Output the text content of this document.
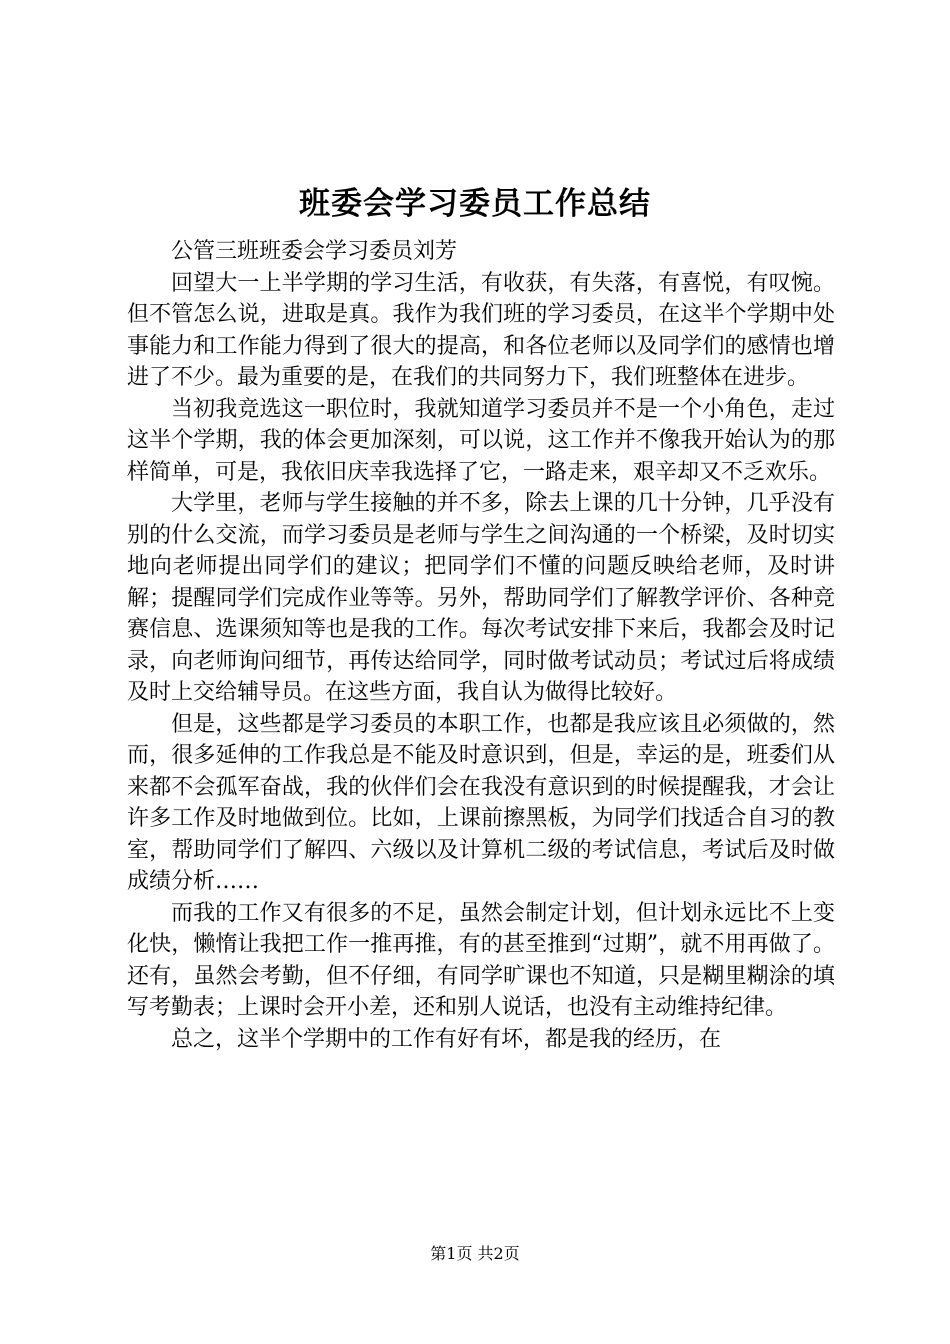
班委会学习委员工作总结

公管三班班委会学习委员刘芳

回望大一上半学期的学习生活，有收获，有失落，有喜悦，有叹惋。但不管怎么说，进取是真。我作为我们班的学习委员，在这半个学期中处事能力和工作能力得到了很大的提高，和各位老师以及同学们的感情也增进了不少。最为重要的是，在我们的共同努力下，我们班整体在进步。

当初我竞选这一职位时，我就知道学习委员并不是一个小角色，走过这半个学期，我的体会更加深刻，可以说，这工作并不像我开始认为的那样简单，可是，我依旧庆幸我选择了它，一路走来，艰辛却又不乏欢乐。

大学里，老师与学生接触的并不多，除去上课的几十分钟，几乎没有别的什么交流，而学习委员是老师与学生之间沟通的一个桥梁，及时切实地向老师提出同学们的建议；把同学们不懂的问题反映给老师，及时讲解；提醒同学们完成作业等等。另外，帮助同学们了解教学评价、各种竞赛信息、选课须知等也是我的工作。每次考试安排下来后，我都会及时记录，向老师询问细节，再传达给同学，同时做考试动员；考试过后将成绩及时上交给辅导员。在这些方面，我自认为做得比较好。

但是，这些都是学习委员的本职工作，也都是我应该且必须做的，然而，很多延伸的工作我总是不能及时意识到，但是，幸运的是，班委们从来都不会孤军奋战，我的伙伴们会在我没有意识到的时候提醒我，才会让许多工作及时地做到位。比如，上课前擦黑板，为同学们找适合自习的教室，帮助同学们了解四、六级以及计算机二级的考试信息，考试后及时做成绩分析……

而我的工作又有很多的不足，虽然会制定计划，但计划永远比不上变化快，懒惰让我把工作一推再推，有的甚至推到“过期”，就不用再做了。还有，虽然会考勤，但不仔细，有同学旷课也不知道，只是糊里糊涂的填写考勤表；上课时会开小差，还和别人说话，也没有主动维持纪律。

总之，这半个学期中的工作有好有坏，都是我的经历，在

第1页 共2页
